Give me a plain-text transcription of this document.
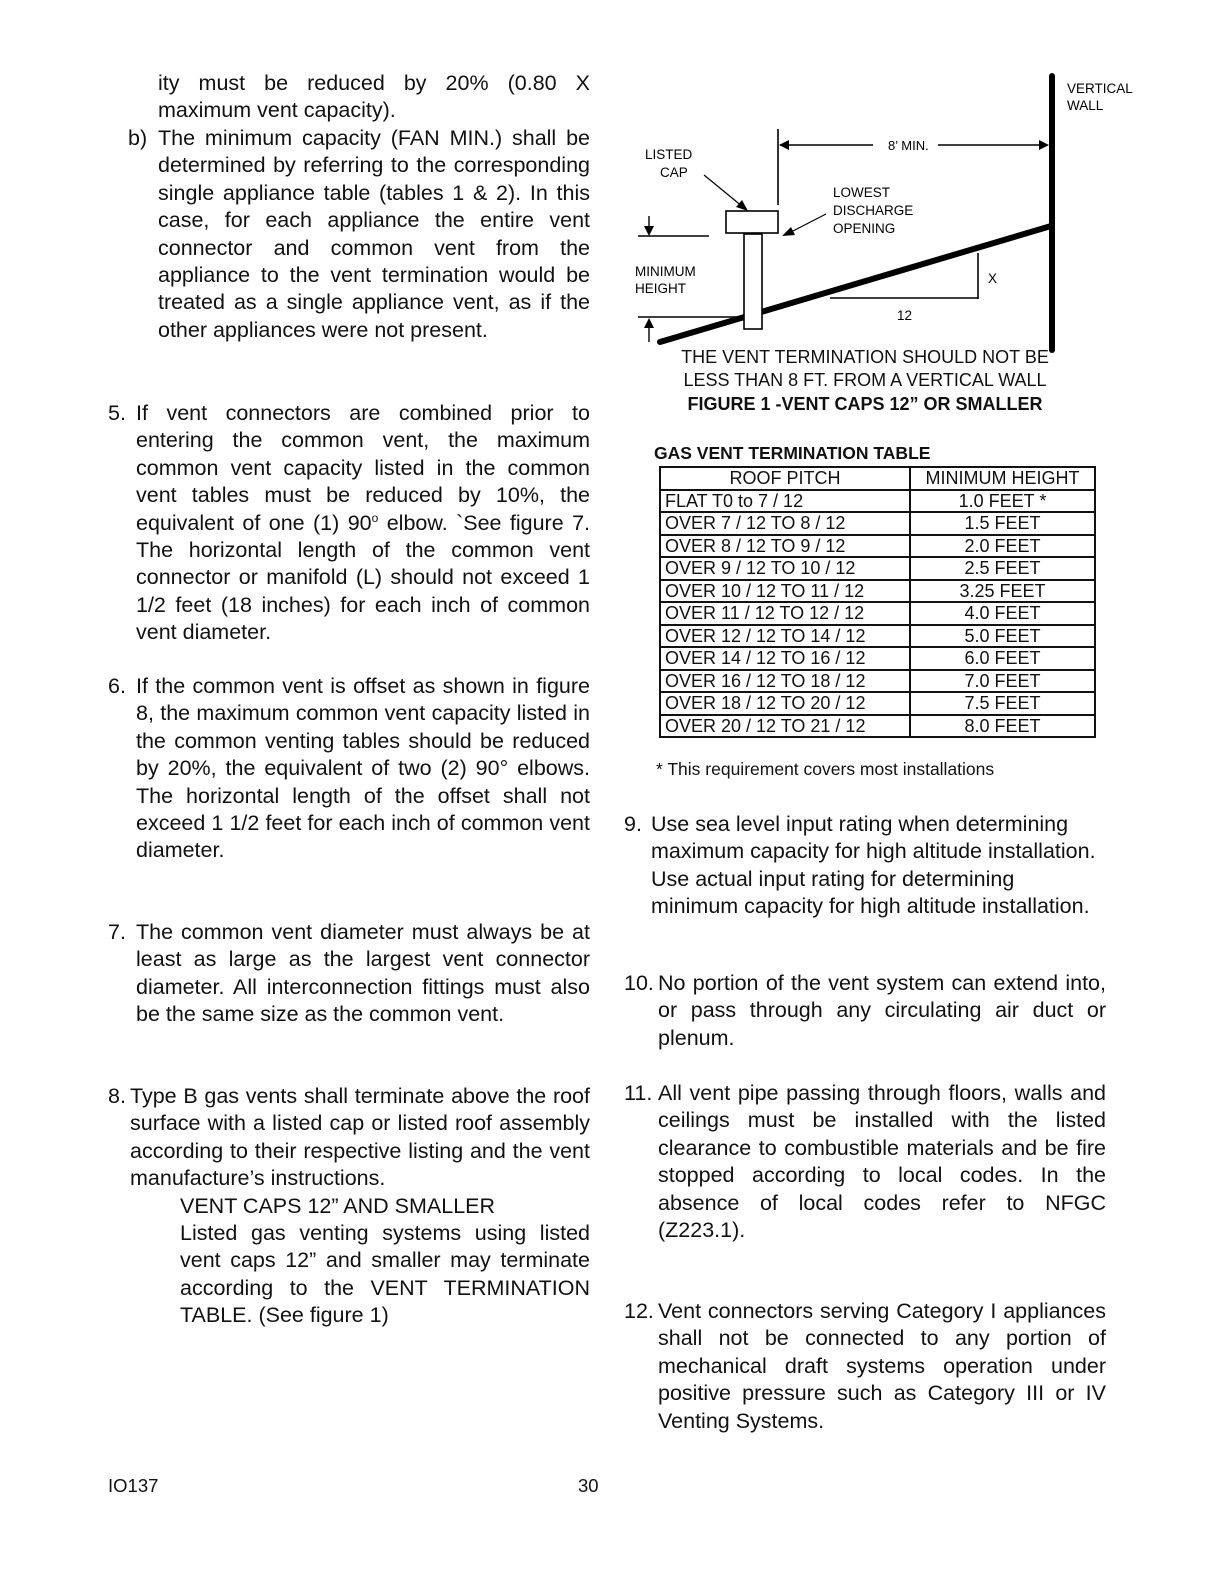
ity must be reduced by 20% (0.80 X maximum vent capacity).
b) The minimum capacity (FAN MIN.) shall be determined by referring to the corresponding single appliance table (tables 1 & 2). In this case, for each appliance the entire vent connector and common vent from the appliance to the vent termination would be treated as a single appliance vent, as if the other appliances were not present.
5. If vent connectors are combined prior to entering the common vent, the maximum common vent capacity listed in the common vent tables must be reduced by 10%, the equivalent of one (1) 90$^o$ elbow. `See figure 7. The horizontal length of the common vent connector or manifold (L) should not exceed 1 1/2 feet (18 inches) for each inch of common vent diameter.
6. If the common vent is offset as shown in figure 8, the maximum common vent capacity listed in the common venting tables should be reduced by 20%, the equivalent of two (2) 90° elbows. The horizontal length of the offset shall not exceed 1 1/2 feet for each inch of common vent diameter.
7. The common vent diameter must always be at least as large as the largest vent connector diameter. All interconnection fittings must also be the same size as the common vent.
8. Type B gas vents shall terminate above the roof surface with a listed cap or listed roof assembly according to their respective listing and the vent manufacture’s instructions.
VENT CAPS 12” AND SMALLER
Listed gas venting systems using listed vent caps 12” and smaller may terminate according to the VENT TERMINATION TABLE. (See figure 1)
VERTICAL
WALL
8’ MIN.
LISTED
CAP
LOWEST
DISCHARGE
OPENING
MINIMUM
HEIGHT
X
12
THE VENT TERMINATION SHOULD NOT BE
LESS THAN 8 FT. FROM A VERTICAL WALL
FIGURE 1 -VENT CAPS 12” OR SMALLER
GAS VENT TERMINATION TABLE
ROOF PITCH	MINIMUM HEIGHT
FLAT T0 to 7 / 12	1.0 FEET *
OVER 7 / 12 TO 8 / 12	1.5 FEET
OVER 8 / 12 TO 9 / 12	2.0 FEET
OVER 9 / 12 TO 10 / 12	2.5 FEET
OVER 10 / 12 TO 11 / 12	3.25 FEET
OVER 11 / 12 TO 12 / 12	4.0 FEET
OVER 12 / 12 TO 14 / 12	5.0 FEET
OVER 14 / 12 TO 16 / 12	6.0 FEET
OVER 16 / 12 TO 18 / 12	7.0 FEET
OVER 18 / 12 TO 20 / 12	7.5 FEET
OVER 20 / 12 TO 21 / 12	8.0 FEET
* This requirement covers most installations
9. Use sea level input rating when determining maximum capacity for high altitude installation. Use actual input rating for determining minimum capacity for high altitude installation.
10. No portion of the vent system can extend into, or pass through any circulating air duct or plenum.
11. All vent pipe passing through floors, walls and ceilings must be installed with the listed clearance to combustible materials and be fire stopped according to local codes. In the absence of local codes refer to NFGC (Z223.1).
12. Vent connectors serving Category I appliances shall not be connected to any portion of mechanical draft systems operation under positive pressure such as Category III or IV Venting Systems.
IO137	30
